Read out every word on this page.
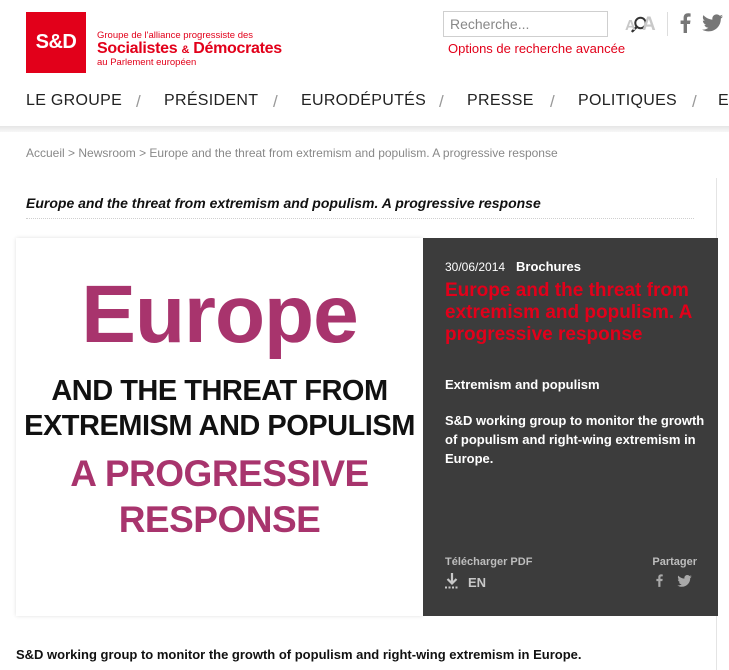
S&D	Groupe de l'alliance progressiste des
Socialistes & Démocrates
au Parlement européen
Recherche...
Options de recherche avancée
A A
LE GROUPE / PRÉSIDENT / EURODÉPUTÉS / PRESSE / POLITIQUES / E
Accueil > Newsroom > Europe and the threat from extremism and populism. A progressive response
Europe and the threat from extremism and populism. A progressive response
Europe
AND THE THREAT FROM
EXTREMISM AND POPULISM
A PROGRESSIVE
RESPONSE
30/06/2014 Brochures
Europe and the threat from extremism and populism. A progressive response
Extremism and populism
S&D working group to monitor the growth of populism and right-wing extremism in Europe.
Télécharger PDF
EN
Partager
S&D working group to monitor the growth of populism and right-wing extremism in Europe.
